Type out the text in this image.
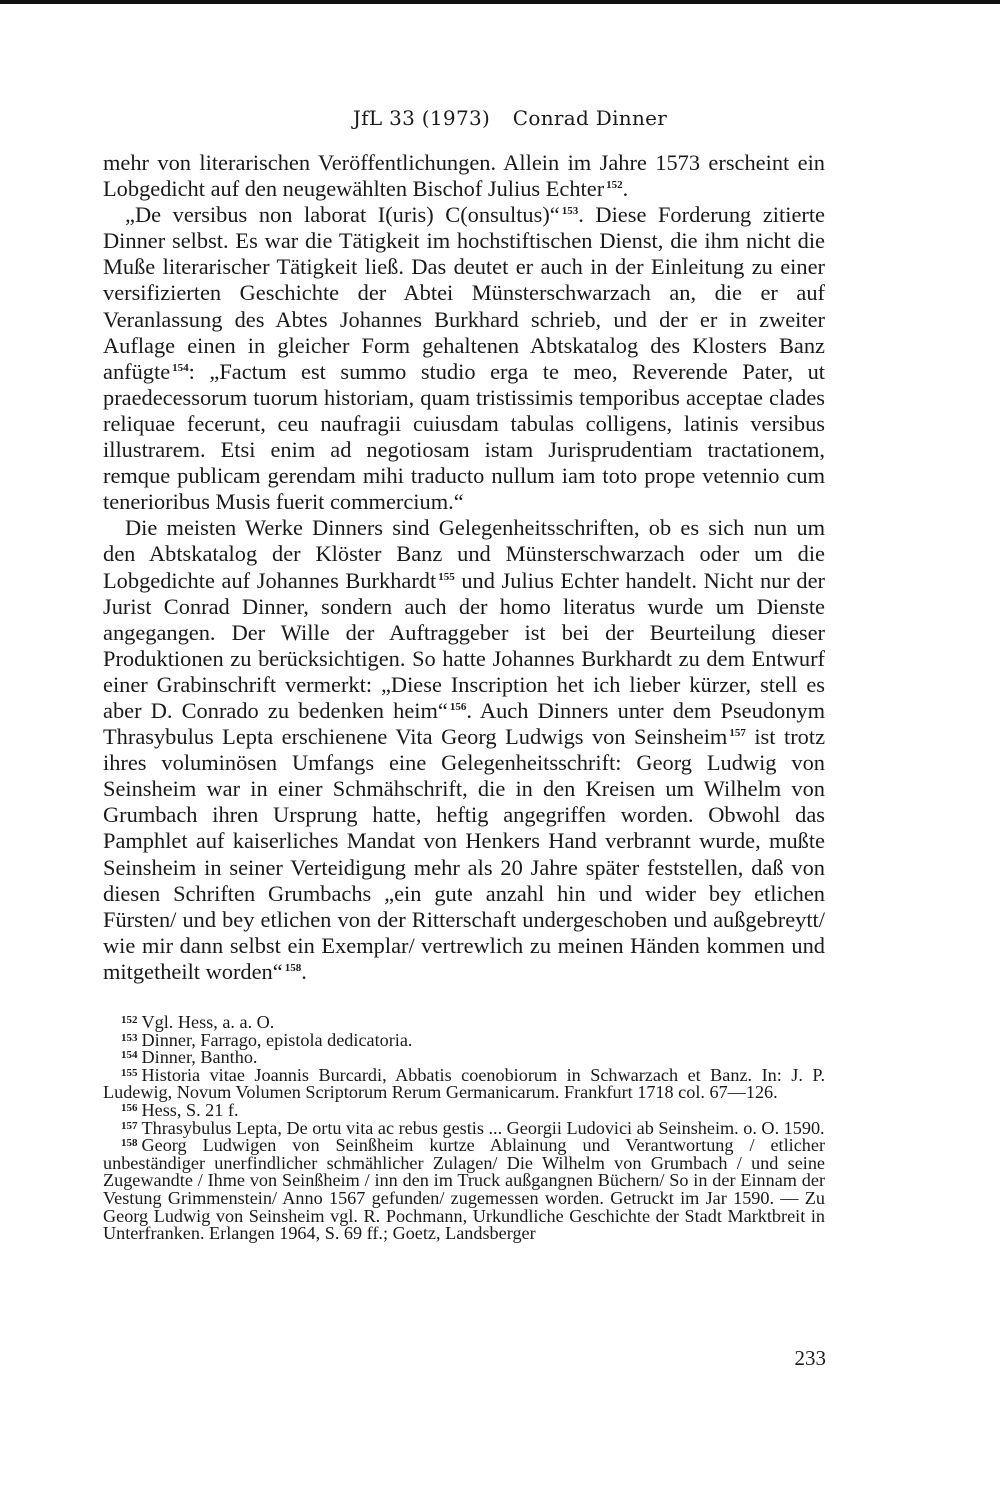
JfL 33 (1973) Conrad Dinner

mehr von literarischen Veröffentlichungen. Allein im Jahre 1573 erscheint ein Lobgedicht auf den neugewählten Bischof Julius Echter $^{152}$.

„De versibus non laborat I(uris) C(onsultus)“ $^{153}$. Diese Forderung zitierte Dinner selbst. Es war die Tätigkeit im hochstiftischen Dienst, die ihm nicht die Muße literarischer Tätigkeit ließ. Das deutet er auch in der Einleitung zu einer versifizierten Geschichte der Abtei Münsterschwarzach an, die er auf Veranlassung des Abtes Johannes Burkhard schrieb, und der er in zweiter Auflage einen in gleicher Form gehaltenen Abtskatalog des Klosters Banz anfügte $^{154}$: „Factum est summo studio erga te meo, Reverende Pater, ut praedecessorum tuorum historiam, quam tristissimis temporibus acceptae clades reliquae fecerunt, ceu naufragii cuiusdam tabulas colligens, latinis versibus illustrarem. Etsi enim ad negotiosam istam Jurisprudentiam tractationem, remque publicam gerendam mihi traducto nullum iam toto prope vetennio cum tenerioribus Musis fuerit commercium.“

Die meisten Werke Dinners sind Gelegenheitsschriften, ob es sich nun um den Abtskatalog der Klöster Banz und Münsterschwarzach oder um die Lobgedichte auf Johannes Burkhardt $^{155}$ und Julius Echter handelt. Nicht nur der Jurist Conrad Dinner, sondern auch der homo literatus wurde um Dienste angegangen. Der Wille der Auftraggeber ist bei der Beurteilung dieser Produktionen zu berücksichtigen. So hatte Johannes Burkhardt zu dem Entwurf einer Grabinschrift vermerkt: „Diese Inscription het ich lieber kürzer, stell es aber D. Conrado zu bedenken heim“ $^{156}$. Auch Dinners unter dem Pseudonym Thrasybulus Lepta erschienene Vita Georg Ludwigs von Seinsheim $^{157}$ ist trotz ihres voluminösen Umfangs eine Gelegenheitsschrift: Georg Ludwig von Seinsheim war in einer Schmähschrift, die in den Kreisen um Wilhelm von Grumbach ihren Ursprung hatte, heftig angegriffen worden. Obwohl das Pamphlet auf kaiserliches Mandat von Henkers Hand verbrannt wurde, mußte Seinsheim in seiner Verteidigung mehr als 20 Jahre später feststellen, daß von diesen Schriften Grumbachs „ein gute anzahl hin und wider bey etlichen Fürsten/ und bey etlichen von der Ritterschaft undergeschoben und außgebreytt/ wie mir dann selbst ein Exemplar/ vertrewlich zu meinen Händen kommen und mitgetheilt worden“ $^{158}$.

$^{152}$ Vgl. Hess, a. a. O.

$^{153}$ Dinner, Farrago, epistola dedicatoria.

$^{154}$ Dinner, Bantho.

$^{155}$ Historia vitae Joannis Burcardi, Abbatis coenobiorum in Schwarzach et Banz. In: J. P. Ludewig, Novum Volumen Scriptorum Rerum Germanicarum. Frankfurt 1718 col. 67—126.

$^{156}$ Hess, S. 21 f.

$^{157}$ Thrasybulus Lepta, De ortu vita ac rebus gestis ... Georgii Ludovici ab Seinsheim. o. O. 1590.

$^{158}$ Georg Ludwigen von Seinßheim kurtze Ablainung und Verantwortung / etlicher unbeständiger unerfindlicher schmählicher Zulagen/ Die Wilhelm von Grumbach / und seine Zugewandte / Ihme von Seinßheim / inn den im Truck außgangnen Büchern/ So in der Einnam der Vestung Grimmenstein/ Anno 1567 gefunden/ zugemessen worden. Getruckt im Jar 1590. — Zu Georg Ludwig von Seinsheim vgl. R. Pochmann, Urkundliche Geschichte der Stadt Marktbreit in Unterfranken. Erlangen 1964, S. 69 ff.; Goetz, Landsberger

233
